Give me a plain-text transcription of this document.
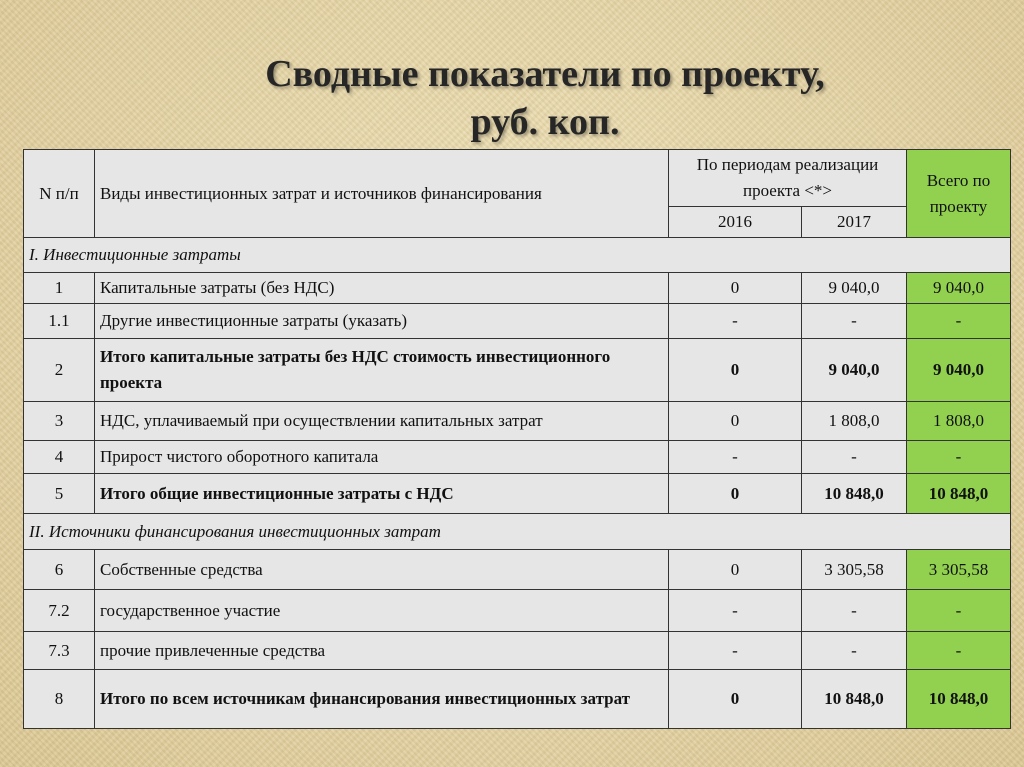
Сводные показатели по проекту,
руб. коп.
N п/п	Виды инвестиционных затрат и источников финансирования	По периодам реализации проекта <*>		Всего по проекту
		2016	2017	
I. Инвестиционные затраты				
1	Капитальные затраты (без НДС)	0	9 040,0	9 040,0
1.1	Другие инвестиционные затраты (указать)	-	-	-
2	Итого капитальные затраты без НДС стоимость инвестиционного проекта	0	9 040,0	9 040,0
3	НДС, уплачиваемый при осуществлении капитальных затрат	0	1 808,0	1 808,0
4	Прирост чистого оборотного капитала	-	-	-
5	Итого общие инвестиционные затраты с НДС	0	10 848,0	10 848,0
II. Источники финансирования инвестиционных затрат				
6	Собственные средства	0	3 305,58	3 305,58
7.2	государственное участие	-	-	-
7.3	прочие привлеченные средства	-	-	-
8	Итого по всем источникам финансирования инвестиционных затрат	0	10 848,0	10 848,0
